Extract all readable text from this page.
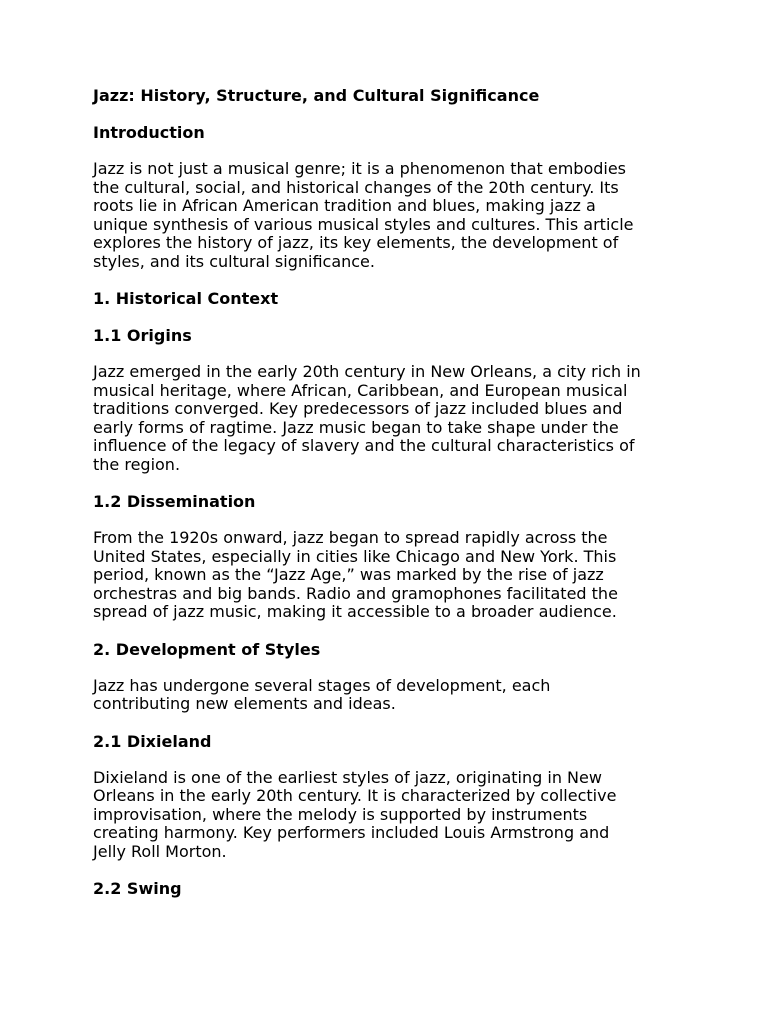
Jazz: History, Structure, and Cultural Significance
Introduction
Jazz is not just a musical genre; it is a phenomenon that embodies
the cultural, social, and historical changes of the 20th century. Its
roots lie in African American tradition and blues, making jazz a
unique synthesis of various musical styles and cultures. This article
explores the history of jazz, its key elements, the development of
styles, and its cultural significance.
1. Historical Context
1.1 Origins
Jazz emerged in the early 20th century in New Orleans, a city rich in
musical heritage, where African, Caribbean, and European musical
traditions converged. Key predecessors of jazz included blues and
early forms of ragtime. Jazz music began to take shape under the
influence of the legacy of slavery and the cultural characteristics of
the region.
1.2 Dissemination
From the 1920s onward, jazz began to spread rapidly across the
United States, especially in cities like Chicago and New York. This
period, known as the “Jazz Age,” was marked by the rise of jazz
orchestras and big bands. Radio and gramophones facilitated the
spread of jazz music, making it accessible to a broader audience.
2. Development of Styles
Jazz has undergone several stages of development, each
contributing new elements and ideas.
2.1 Dixieland
Dixieland is one of the earliest styles of jazz, originating in New
Orleans in the early 20th century. It is characterized by collective
improvisation, where the melody is supported by instruments
creating harmony. Key performers included Louis Armstrong and
Jelly Roll Morton.
2.2 Swing
